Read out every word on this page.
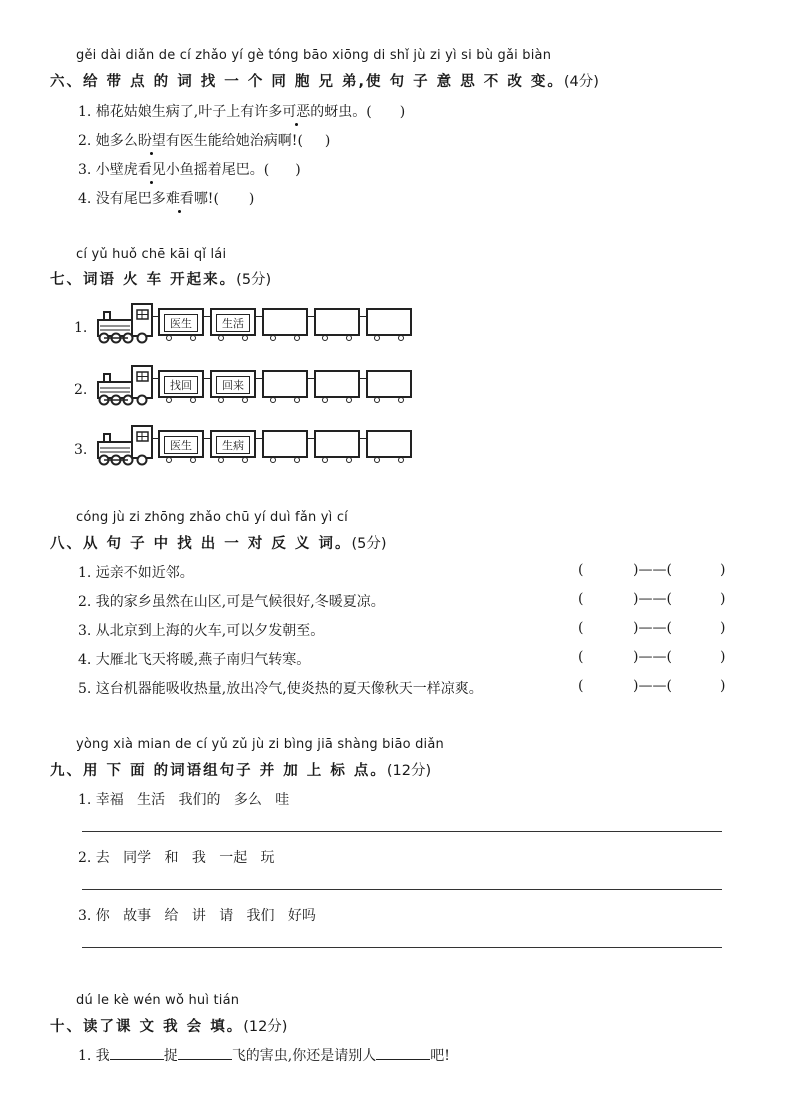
gěi dài diǎn de cí zhǎo yí gè tóng bāo xiōng di shǐ jù zi yì si bù gǎi biàn
六、给 带 点 的 词 找 一 个 同 胞 兄 弟,使 句 子 意 思 不 改 变。(4分)
1. 棉花姑娘生病了,叶子上有许多可恶的蚜虫。( )
2. 她多么盼望有医生能给她治病啊!( )
3. 小壁虎看见小鱼摇着尾巴。( )
4. 没有尾巴多难看哪!( )
cí yǔ huǒ chē kāi qǐ lái
七、词语 火 车 开起来。(5分)
1.	医生	生活
2.	找回	回来
3.	医生	生病
cóng jù zi zhōng zhǎo chū yí duì fǎn yì cí
八、从 句 子 中 找 出 一 对 反 义 词。(5分)
1. 远亲不如近邻。	(	)——(	)
2. 我的家乡虽然在山区,可是气候很好,冬暖夏凉。	(	)——(	)
3. 从北京到上海的火车,可以夕发朝至。	(	)——(	)
4. 大雁北飞天将暖,燕子南归气转寒。	(	)——(	)
5. 这台机器能吸收热量,放出冷气,使炎热的夏天像秋天一样凉爽。	(	)——(	)
yòng xià mian de cí yǔ zǔ jù zi bìng jiā shàng biāo diǎn
九、用 下 面 的词语组句子 并 加 上 标 点。(12分)
1. 幸福   生活   我们的   多么   哇
2. 去   同学   和   我   一起   玩
3. 你   故事   给   讲   请   我们   好吗
dú le kè wén wǒ huì tián
十、读了课 文 我 会 填。(12分)
1. 我	捉	飞的害虫,你还是请别人	吧!
